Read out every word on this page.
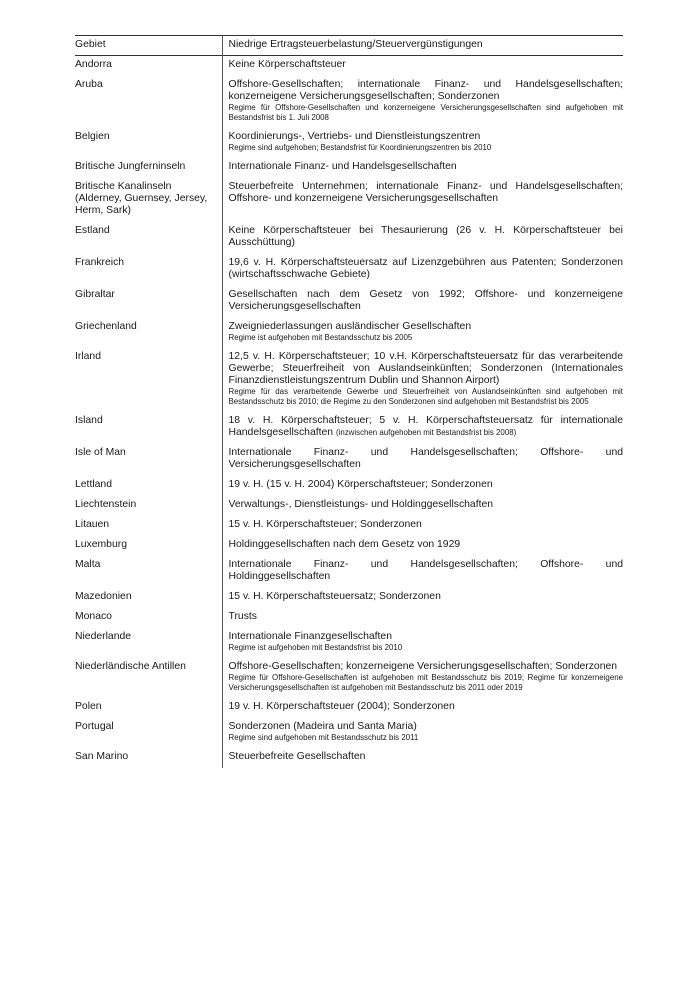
Gebiet	Niedrige Ertragsteuerbelastung/Steuervergünstigungen
Andorra	Keine Körperschaftsteuer

Aruba	Offshore-Gesellschaften; internationale Finanz- und Handelsgesellschaften; konzerneigene Versicherungsgesellschaften; Sonderzonen
Regime für Offshore-Gesellschaften und konzerneigene Versicherungsgesellschaften sind aufgehoben mit Bestandsfrist bis 1. Juli 2008

Belgien	Koordinierungs-, Vertriebs- und Dienstleistungszentren
Regime sind aufgehoben; Bestandsfrist für Koordinierungszentren bis 2010

Britische Jungferninseln	Internationale Finanz- und Handelsgesellschaften

Britische Kanalinseln (Alderney, Guernsey, Jersey, Herm, Sark)	Steuerbefreite Unternehmen; internationale Finanz- und Handelsgesellschaften; Offshore- und konzerneigene Versicherungsgesellschaften

Estland	Keine Körperschaftsteuer bei Thesaurierung (26 v. H. Körperschaftsteuer bei Ausschüttung)

Frankreich	19,6 v. H. Körperschaftsteuersatz auf Lizenzgebühren aus Patenten; Sonderzonen (wirtschaftsschwache Gebiete)

Gibraltar	Gesellschaften nach dem Gesetz von 1992; Offshore- und konzerneigene Versicherungsgesellschaften

Griechenland	Zweigniederlassungen ausländischer Gesellschaften
Regime ist aufgehoben mit Bestandsschutz bis 2005

Irland	12,5 v. H. Körperschaftsteuer; 10 v.H. Körperschaftsteuersatz für das verarbeitende Gewerbe; Steuerfreiheit von Auslandseinkünften; Sonderzonen (Internationales Finanzdienstleistungszentrum Dublin und Shannon Airport)
Regime für das verarbeitende Gewerbe und Steuerfreiheit von Auslandseinkünften sind aufgehoben mit Bestandsschutz bis 2010; die Regime zu den Sonderzonen sind aufgehoben mit Bestandsfrist bis 2005

Island	18 v. H. Körperschaftsteuer; 5 v. H. Körperschaftsteuersatz für internationale Handelsgesellschaften (inzwischen aufgehoben mit Bestandsfrist bis 2008)

Isle of Man	Internationale Finanz- und Handelsgesellschaften; Offshore- und Versicherungsgesellschaften

Lettland	19 v. H. (15 v. H. 2004) Körperschaftsteuer; Sonderzonen

Liechtenstein	Verwaltungs-, Dienstleistungs- und Holdinggesellschaften

Litauen	15 v. H. Körperschaftsteuer; Sonderzonen

Luxemburg	Holdinggesellschaften nach dem Gesetz von 1929

Malta	Internationale Finanz- und Handelsgesellschaften; Offshore- und Holdinggesellschaften

Mazedonien	15 v. H. Körperschaftsteuersatz; Sonderzonen

Monaco	Trusts

Niederlande	Internationale Finanzgesellschaften
Regime ist aufgehoben mit Bestandsfrist bis 2010

Niederländische Antillen	Offshore-Gesellschaften; konzerneigene Versicherungsgesellschaften; Sonderzonen
Regime für Offshore-Gesellschaften ist aufgehoben mit Bestandsschutz bis 2019; Regime für konzerneigene Versicherungsgesellschaften ist aufgehoben mit Bestandsschutz bis 2011 oder 2019

Polen	19 v. H. Körperschaftsteuer (2004); Sonderzonen

Portugal	Sonderzonen (Madeira und Santa Maria)
Regime sind aufgehoben mit Bestandsschutz bis 2011

San Marino	Steuerbefreite Gesellschaften
